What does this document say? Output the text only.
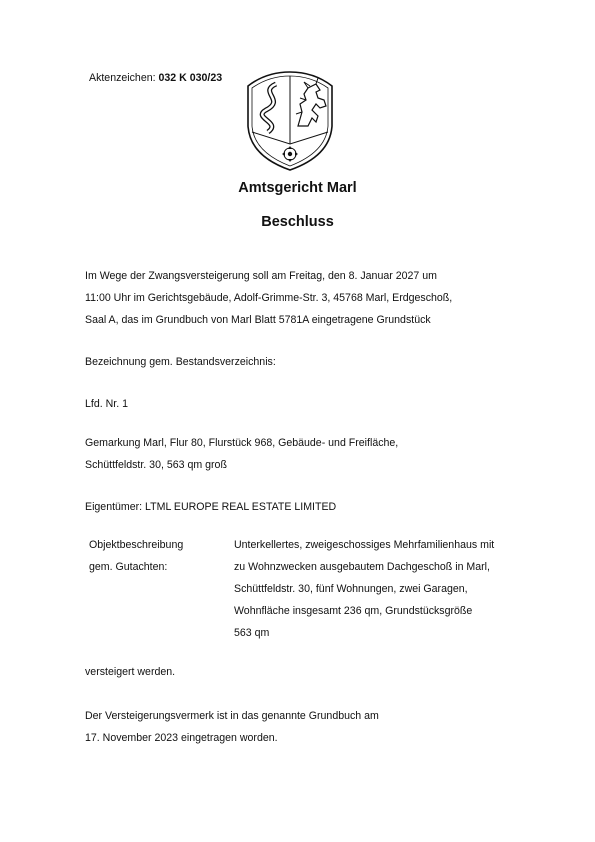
Aktenzeichen: 032 K 030/23
Amtsgericht Marl
Beschluss
Im Wege der Zwangsversteigerung soll am Freitag, den 8. Januar 2027 um
11:00 Uhr im Gerichtsgebäude, Adolf-Grimme-Str. 3, 45768 Marl, Erdgeschoß,
Saal A, das im Grundbuch von Marl Blatt 5781A eingetragene Grundstück
Bezeichnung gem. Bestandsverzeichnis:
Lfd. Nr. 1
Gemarkung Marl, Flur 80, Flurstück 968, Gebäude- und Freifläche,
Schüttfeldstr. 30, 563 qm groß
Eigentümer: LTML EUROPE REAL ESTATE LIMITED
Objektbeschreibung
gem. Gutachten:
Unterkellertes, zweigeschossiges Mehrfamilienhaus mit
zu Wohnzwecken ausgebautem Dachgeschoß in Marl,
Schüttfeldstr. 30, fünf Wohnungen, zwei Garagen,
Wohnfläche insgesamt 236 qm, Grundstücksgröße
563 qm
versteigert werden.
Der Versteigerungsvermerk ist in das genannte Grundbuch am
17. November 2023 eingetragen worden.
